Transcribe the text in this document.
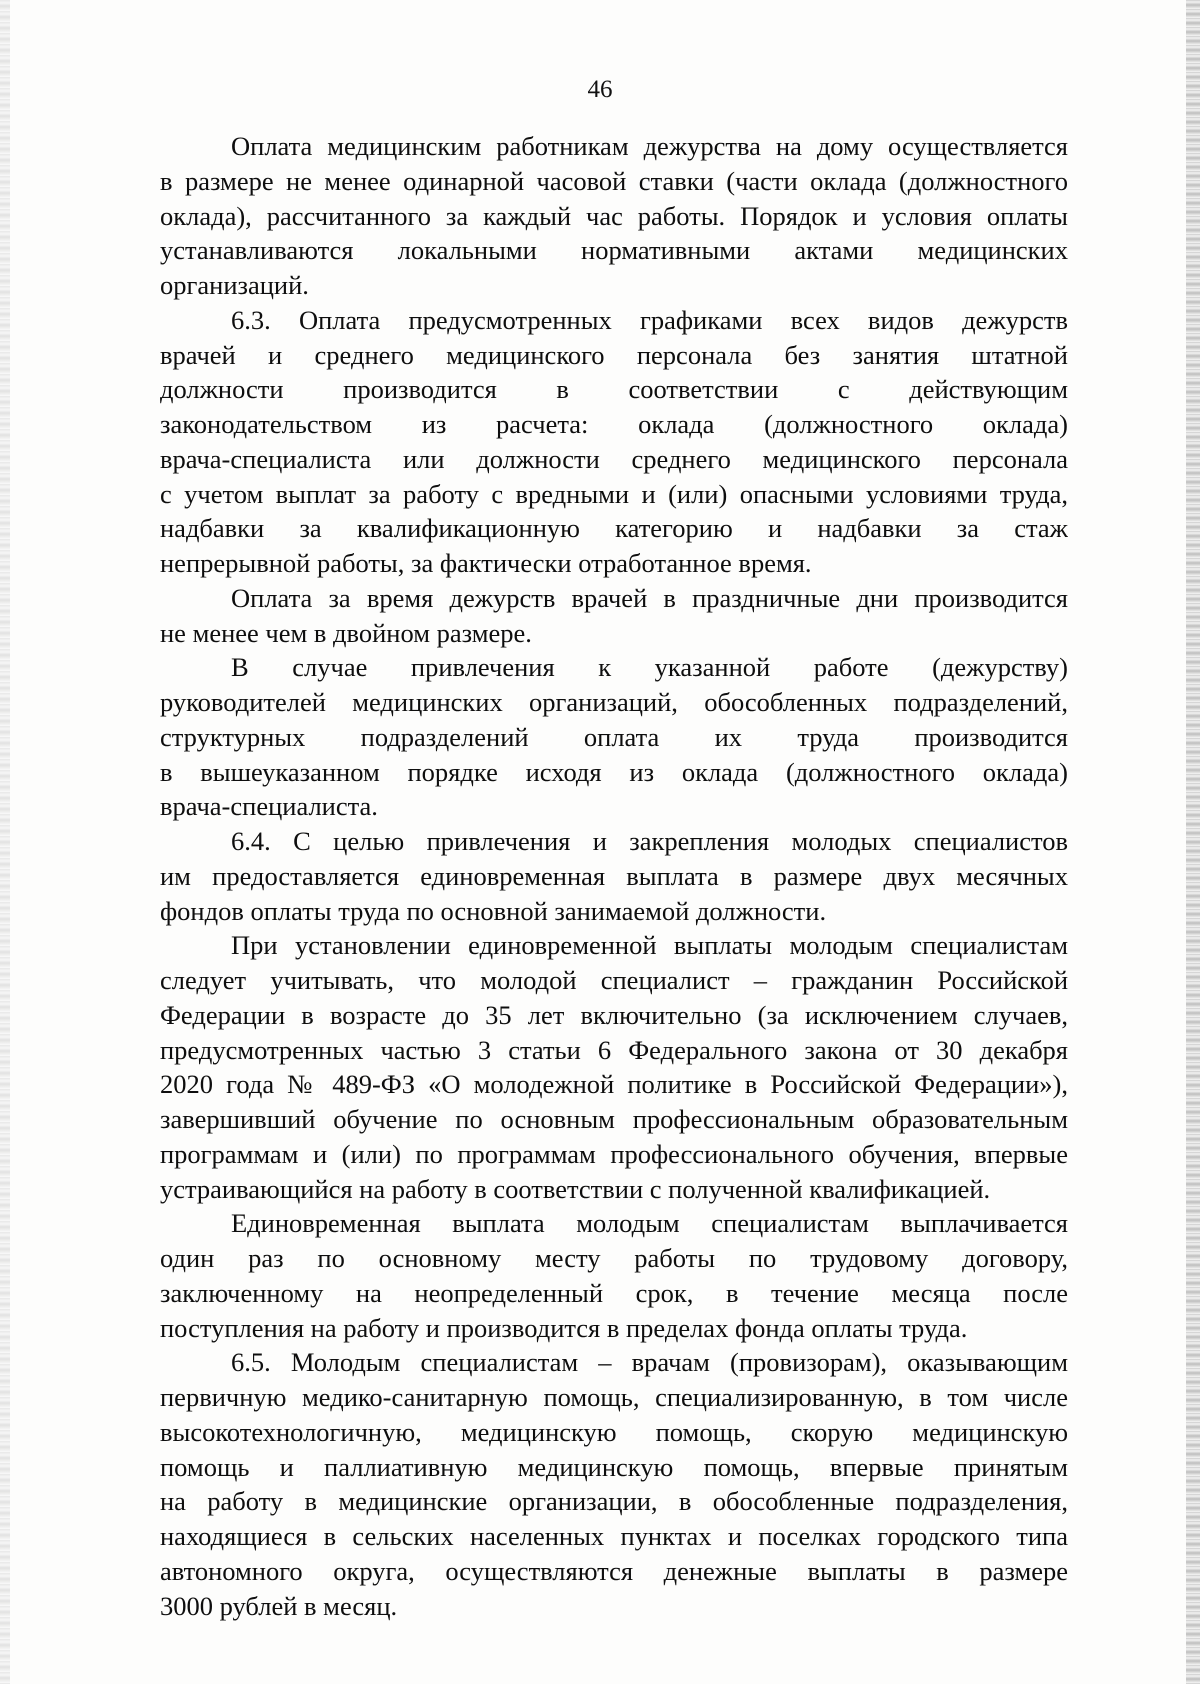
46
Оплата медицинским работникам дежурства на дому осуществляется
в размере не менее одинарной часовой ставки (части оклада (должностного
оклада), рассчитанного за каждый час работы. Порядок и условия оплаты
устанавливаются локальными нормативными актами медицинских
организаций.
6.3. Оплата предусмотренных графиками всех видов дежурств
врачей и среднего медицинского персонала без занятия штатной
должности производится в соответствии с действующим
законодательством из расчета: оклада (должностного оклада)
врача-специалиста или должности среднего медицинского персонала
с учетом выплат за работу с вредными и (или) опасными условиями труда,
надбавки за квалификационную категорию и надбавки за стаж
непрерывной работы, за фактически отработанное время.
Оплата за время дежурств врачей в праздничные дни производится
не менее чем в двойном размере.
В случае привлечения к указанной работе (дежурству)
руководителей медицинских организаций, обособленных подразделений,
структурных подразделений оплата их труда производится
в вышеуказанном порядке исходя из оклада (должностного оклада)
врача-специалиста.
6.4. С целью привлечения и закрепления молодых специалистов
им предоставляется единовременная выплата в размере двух месячных
фондов оплаты труда по основной занимаемой должности.
При установлении единовременной выплаты молодым специалистам
следует учитывать, что молодой специалист – гражданин Российской
Федерации в возрасте до 35 лет включительно (за исключением случаев,
предусмотренных частью 3 статьи 6 Федерального закона от 30 декабря
2020 года № 489-ФЗ «О молодежной политике в Российской Федерации»),
завершивший обучение по основным профессиональным образовательным
программам и (или) по программам профессионального обучения, впервые
устраивающийся на работу в соответствии с полученной квалификацией.
Единовременная выплата молодым специалистам выплачивается
один раз по основному месту работы по трудовому договору,
заключенному на неопределенный срок, в течение месяца после
поступления на работу и производится в пределах фонда оплаты труда.
6.5. Молодым специалистам – врачам (провизорам), оказывающим
первичную медико-санитарную помощь, специализированную, в том числе
высокотехнологичную, медицинскую помощь, скорую медицинскую
помощь и паллиативную медицинскую помощь, впервые принятым
на работу в медицинские организации, в обособленные подразделения,
находящиеся в сельских населенных пунктах и поселках городского типа
автономного округа, осуществляются денежные выплаты в размере
3000 рублей в месяц.
